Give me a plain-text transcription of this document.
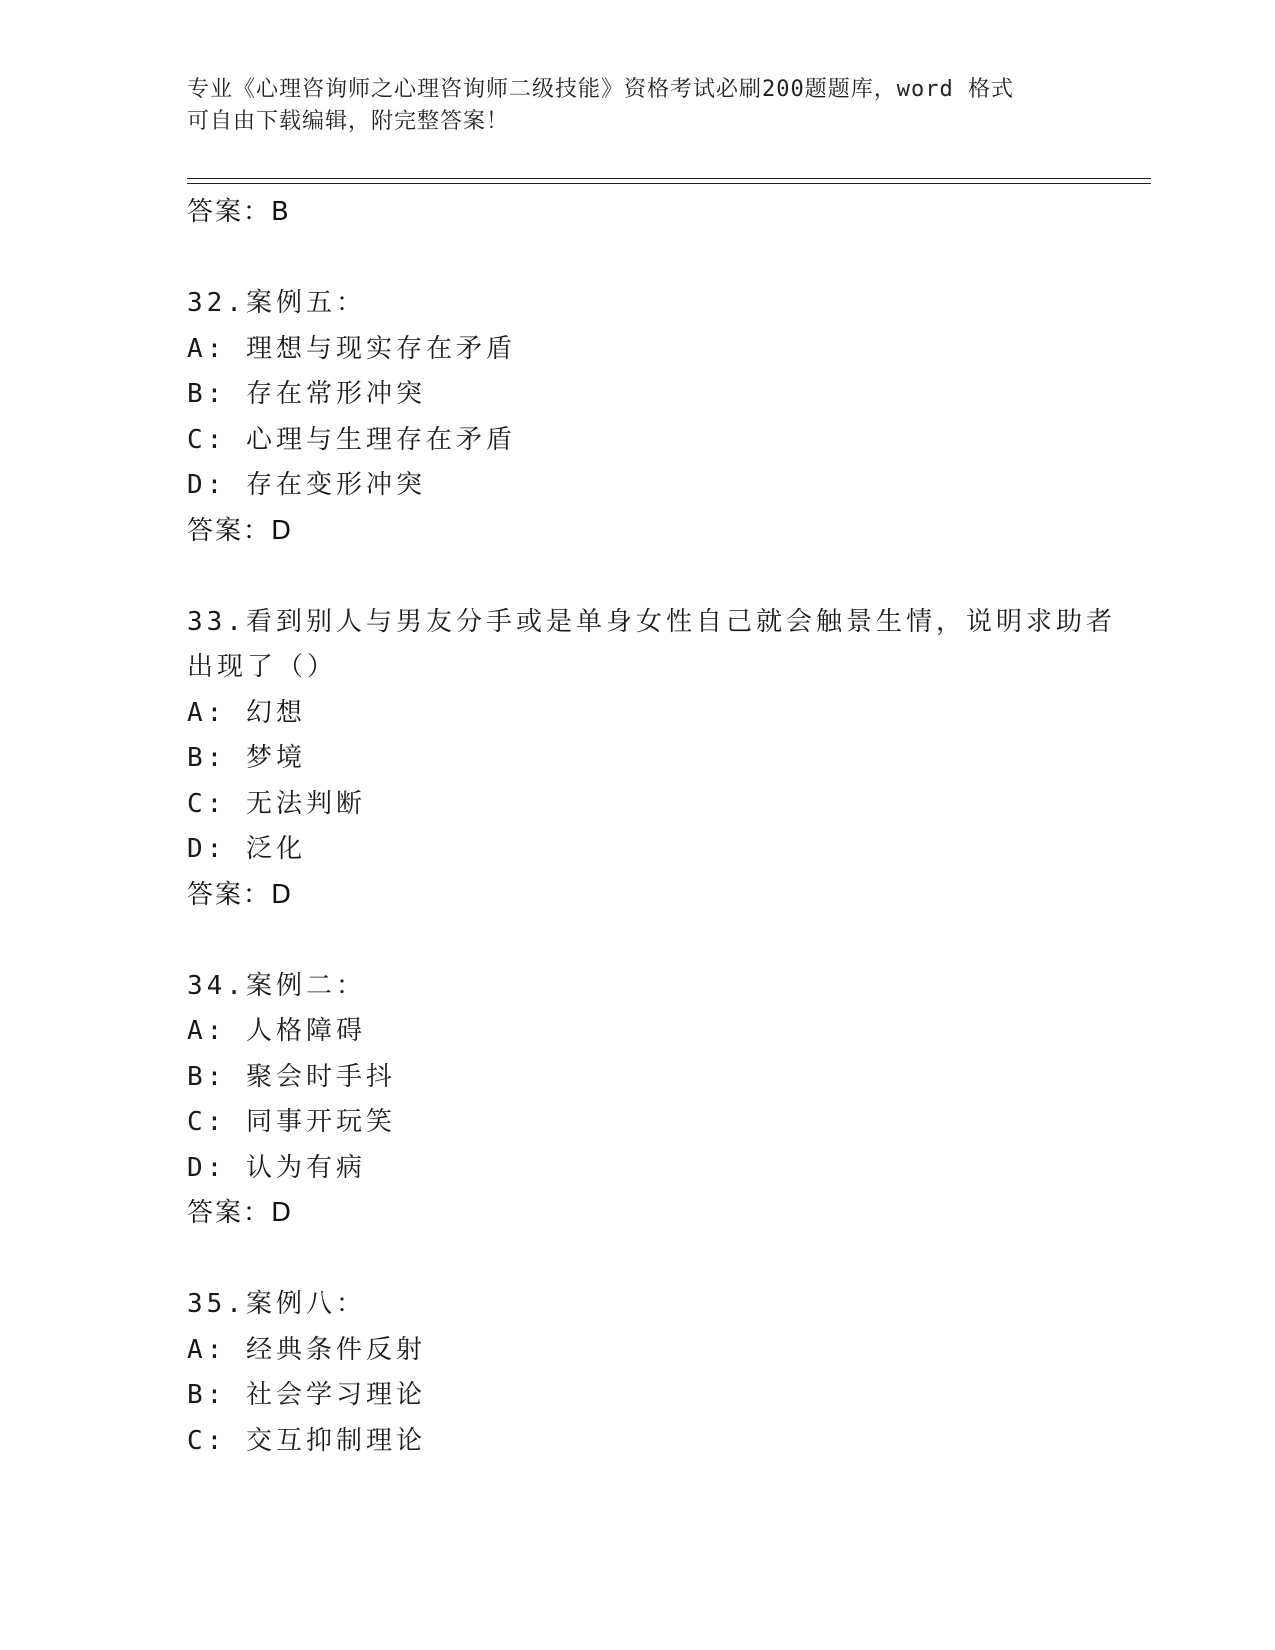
专业《心理咨询师之心理咨询师二级技能》资格考试必刷200题题库，word 格式
可自由下载编辑，附完整答案！
答案：B
32.案例五：
A: 理想与现实存在矛盾
B: 存在常形冲突
C: 心理与生理存在矛盾
D: 存在变形冲突
答案：D
33.看到别人与男友分手或是单身女性自己就会触景生情，说明求助者
出现了（）
A: 幻想
B: 梦境
C: 无法判断
D: 泛化
答案：D
34.案例二：
A: 人格障碍
B: 聚会时手抖
C: 同事开玩笑
D: 认为有病
答案：D
35.案例八：
A: 经典条件反射
B: 社会学习理论
C: 交互抑制理论
